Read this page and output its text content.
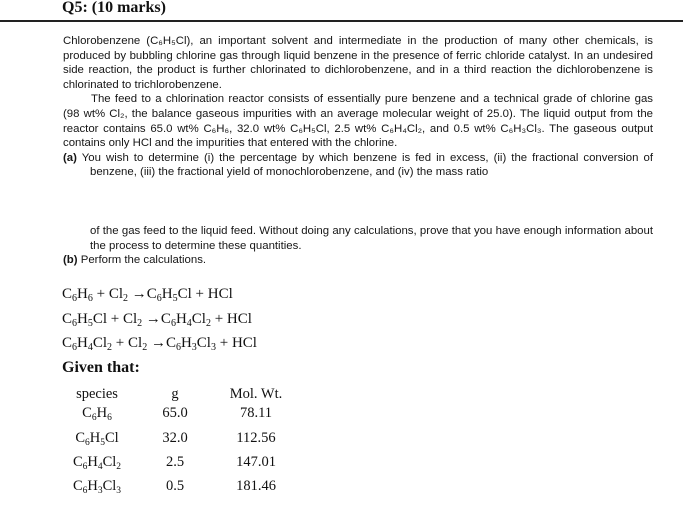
Q5: (10 marks)

Chlorobenzene (C₆H₅Cl), an important solvent and intermediate in the production of many other chemicals, is produced by bubbling chlorine gas through liquid benzene in the presence of ferric chloride catalyst. In an undesired side reaction, the product is further chlorinated to dichlorobenzene, and in a third reaction the dichlorobenzene is chlorinated to trichlorobenzene.

The feed to a chlorination reactor consists of essentially pure benzene and a technical grade of chlorine gas (98 wt% Cl₂, the balance gaseous impurities with an average molecular weight of 25.0). The liquid output from the reactor contains 65.0 wt% C₆H₆, 32.0 wt% C₆H₅Cl, 2.5 wt% C₆H₄Cl₂, and 0.5 wt% C₆H₃Cl₃. The gaseous output contains only HCl and the impurities that entered with the chlorine.

(a) You wish to determine (i) the percentage by which benzene is fed in excess, (ii) the fractional conversion of benzene, (iii) the fractional yield of monochlorobenzene, and (iv) the mass ratio

of the gas feed to the liquid feed. Without doing any calculations, prove that you have enough information about the process to determine these quantities.

(b) Perform the calculations.

$C_6H_6 + Cl_2 \to C_6H_5Cl$ + HCl
$C_6H_5Cl + Cl_2 \to C_6H_4Cl_2$ + HCl
$C_6H_4Cl_2 + Cl_2 \to C_6H_3Cl_3$ + HCl
Given that:
species	g	Mol. Wt.
$C_6H_6$	65.0	78.11
$C_6H_5Cl$	32.0	112.56
$C_6H_4Cl_2$	2.5	147.01
$C_6H_3Cl_3$	0.5	181.46
